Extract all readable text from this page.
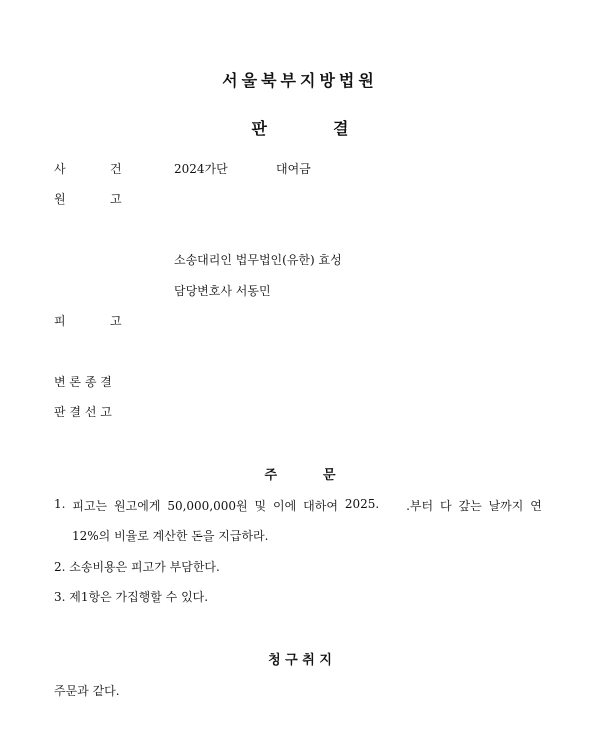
서울북부지방법원
판	결
사	건	2024가단	대여금
원	고
소송대리인 법무법인(유한) 효성
담당변호사 서동민
피	고
변 론 종 결
판 결 선 고
주	문
1. 피고는 원고에게 50,000,000원 및 이에 대하여 2025. .부터 다 갚는 날까지 연
12%의 비율로 계산한 돈을 지급하라.
2. 소송비용은 피고가 부담한다.
3. 제1항은 가집행할 수 있다.
청 구 취 지
주문과 같다.
